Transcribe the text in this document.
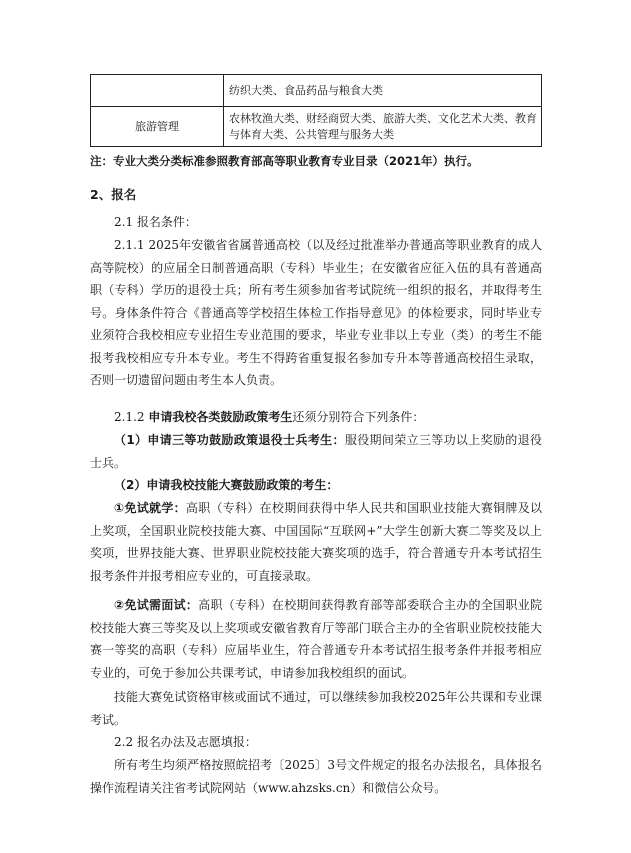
	纺织大类、食品药品与粮食大类
旅游管理	农林牧渔大类、财经商贸大类、旅游大类、文化艺术大类、教育与体育大类、公共管理与服务大类
注：专业大类分类标准参照教育部高等职业教育专业目录（2021年）执行。
2、报名

2.1 报名条件：

2.1.1 2025年安徽省省属普通高校（以及经过批准举办普通高等职业教育的成人高等院校）的应届全日制普通高职（专科）毕业生；在安徽省应征入伍的具有普通高职（专科）学历的退役士兵；所有考生须参加省考试院统一组织的报名，并取得考生号。身体条件符合《普通高等学校招生体检工作指导意见》的体检要求，同时毕业专业须符合我校相应专业招生专业范围的要求，毕业专业非以上专业（类）的考生不能报考我校相应专升本专业。考生不得跨省重复报名参加专升本等普通高校招生录取，否则一切遗留问题由考生本人负责。

2.1.2 申请我校各类鼓励政策考生还须分别符合下列条件：

（1）申请三等功鼓励政策退役士兵考生：服役期间荣立三等功以上奖励的退役士兵。

（2）申请我校技能大赛鼓励政策的考生：

①免试就学：高职（专科）在校期间获得中华人民共和国职业技能大赛铜牌及以上奖项，全国职业院校技能大赛、中国国际“互联网+”大学生创新大赛二等奖及以上奖项，世界技能大赛、世界职业院校技能大赛奖项的选手，符合普通专升本考试招生报考条件并报考相应专业的，可直接录取。

②免试需面试：高职（专科）在校期间获得教育部等部委联合主办的全国职业院校技能大赛三等奖及以上奖项或安徽省教育厅等部门联合主办的全省职业院校技能大赛一等奖的高职（专科）应届毕业生，符合普通专升本考试招生报考条件并报考相应专业的，可免于参加公共课考试，申请参加我校组织的面试。

技能大赛免试资格审核或面试不通过，可以继续参加我校2025年公共课和专业课考试。

2.2 报名办法及志愿填报：

所有考生均须严格按照皖招考〔2025〕3号文件规定的报名办法报名，具体报名操作流程请关注省考试院网站（www.ahzsks.cn）和微信公众号。
